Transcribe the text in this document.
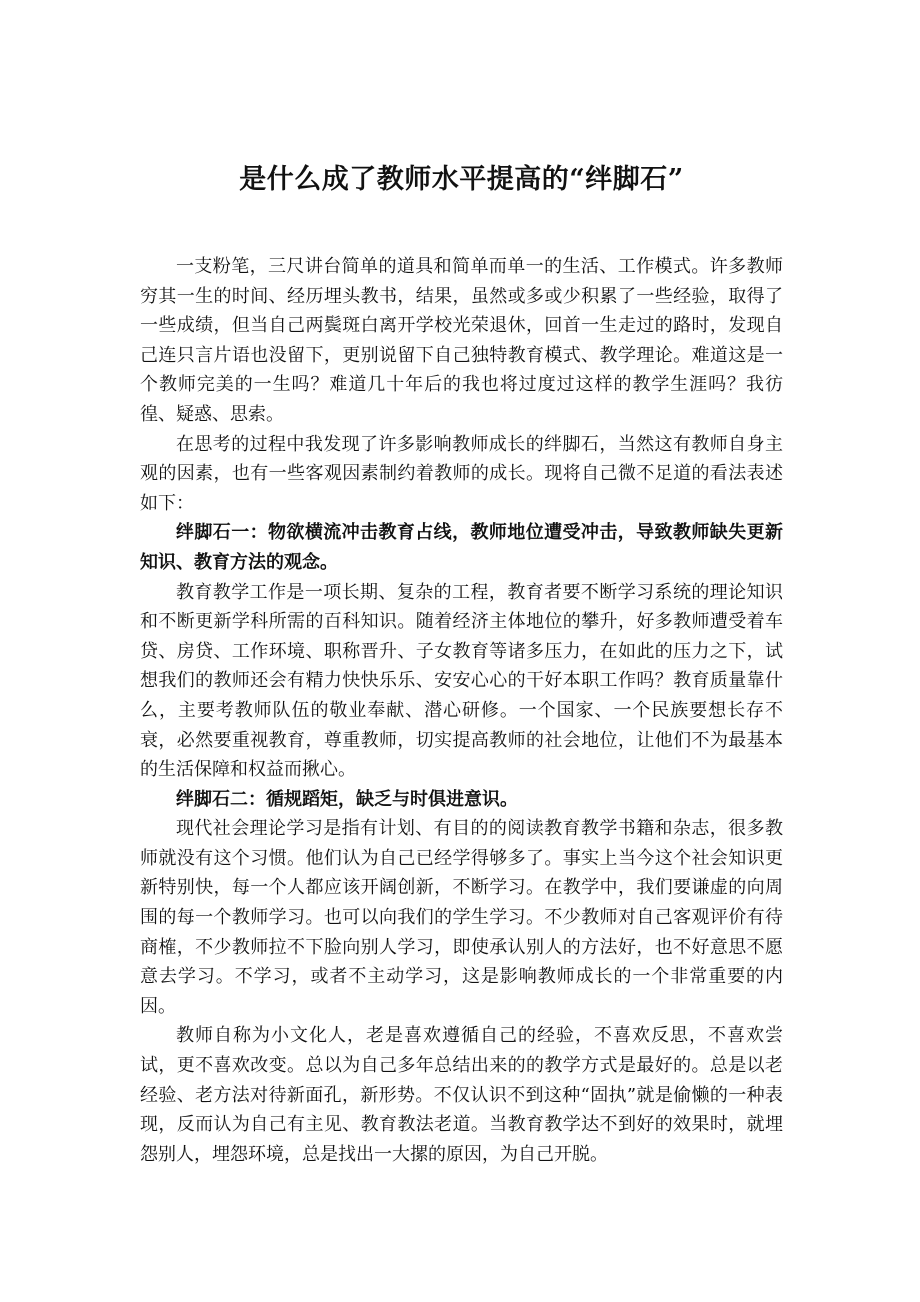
是什么成了教师水平提高的“绊脚石”

一支粉笔，三尺讲台简单的道具和简单而单一的生活、工作模式。许多教师穷其一生的时间、经历埋头教书，结果，虽然或多或少积累了一些经验，取得了一些成绩，但当自己两鬓斑白离开学校光荣退休，回首一生走过的路时，发现自己连只言片语也没留下，更别说留下自己独特教育模式、教学理论。难道这是一个教师完美的一生吗？难道几十年后的我也将过度过这样的教学生涯吗？我彷徨、疑惑、思索。

在思考的过程中我发现了许多影响教师成长的绊脚石，当然这有教师自身主观的因素，也有一些客观因素制约着教师的成长。现将自己微不足道的看法表述如下：

绊脚石一：物欲横流冲击教育占线，教师地位遭受冲击，导致教师缺失更新知识、教育方法的观念。

教育教学工作是一项长期、复杂的工程，教育者要不断学习系统的理论知识和不断更新学科所需的百科知识。随着经济主体地位的攀升，好多教师遭受着车贷、房贷、工作环境、职称晋升、子女教育等诸多压力，在如此的压力之下，试想我们的教师还会有精力快快乐乐、安安心心的干好本职工作吗？教育质量靠什么，主要考教师队伍的敬业奉献、潜心研修。一个国家、一个民族要想长存不衰，必然要重视教育，尊重教师，切实提高教师的社会地位，让他们不为最基本的生活保障和权益而揪心。

绊脚石二：循规蹈矩，缺乏与时俱进意识。

现代社会理论学习是指有计划、有目的的阅读教育教学书籍和杂志，很多教师就没有这个习惯。他们认为自己已经学得够多了。事实上当今这个社会知识更新特别快，每一个人都应该开阔创新，不断学习。在教学中，我们要谦虚的向周围的每一个教师学习。也可以向我们的学生学习。不少教师对自己客观评价有待商榷，不少教师拉不下脸向别人学习，即使承认别人的方法好，也不好意思不愿意去学习。不学习，或者不主动学习，这是影响教师成长的一个非常重要的内因。

教师自称为小文化人，老是喜欢遵循自己的经验，不喜欢反思，不喜欢尝试，更不喜欢改变。总以为自己多年总结出来的的教学方式是最好的。总是以老经验、老方法对待新面孔，新形势。不仅认识不到这种“固执”就是偷懒的一种表现，反而认为自己有主见、教育教法老道。当教育教学达不到好的效果时，就埋怨别人，埋怨环境，总是找出一大摞的原因，为自己开脱。
